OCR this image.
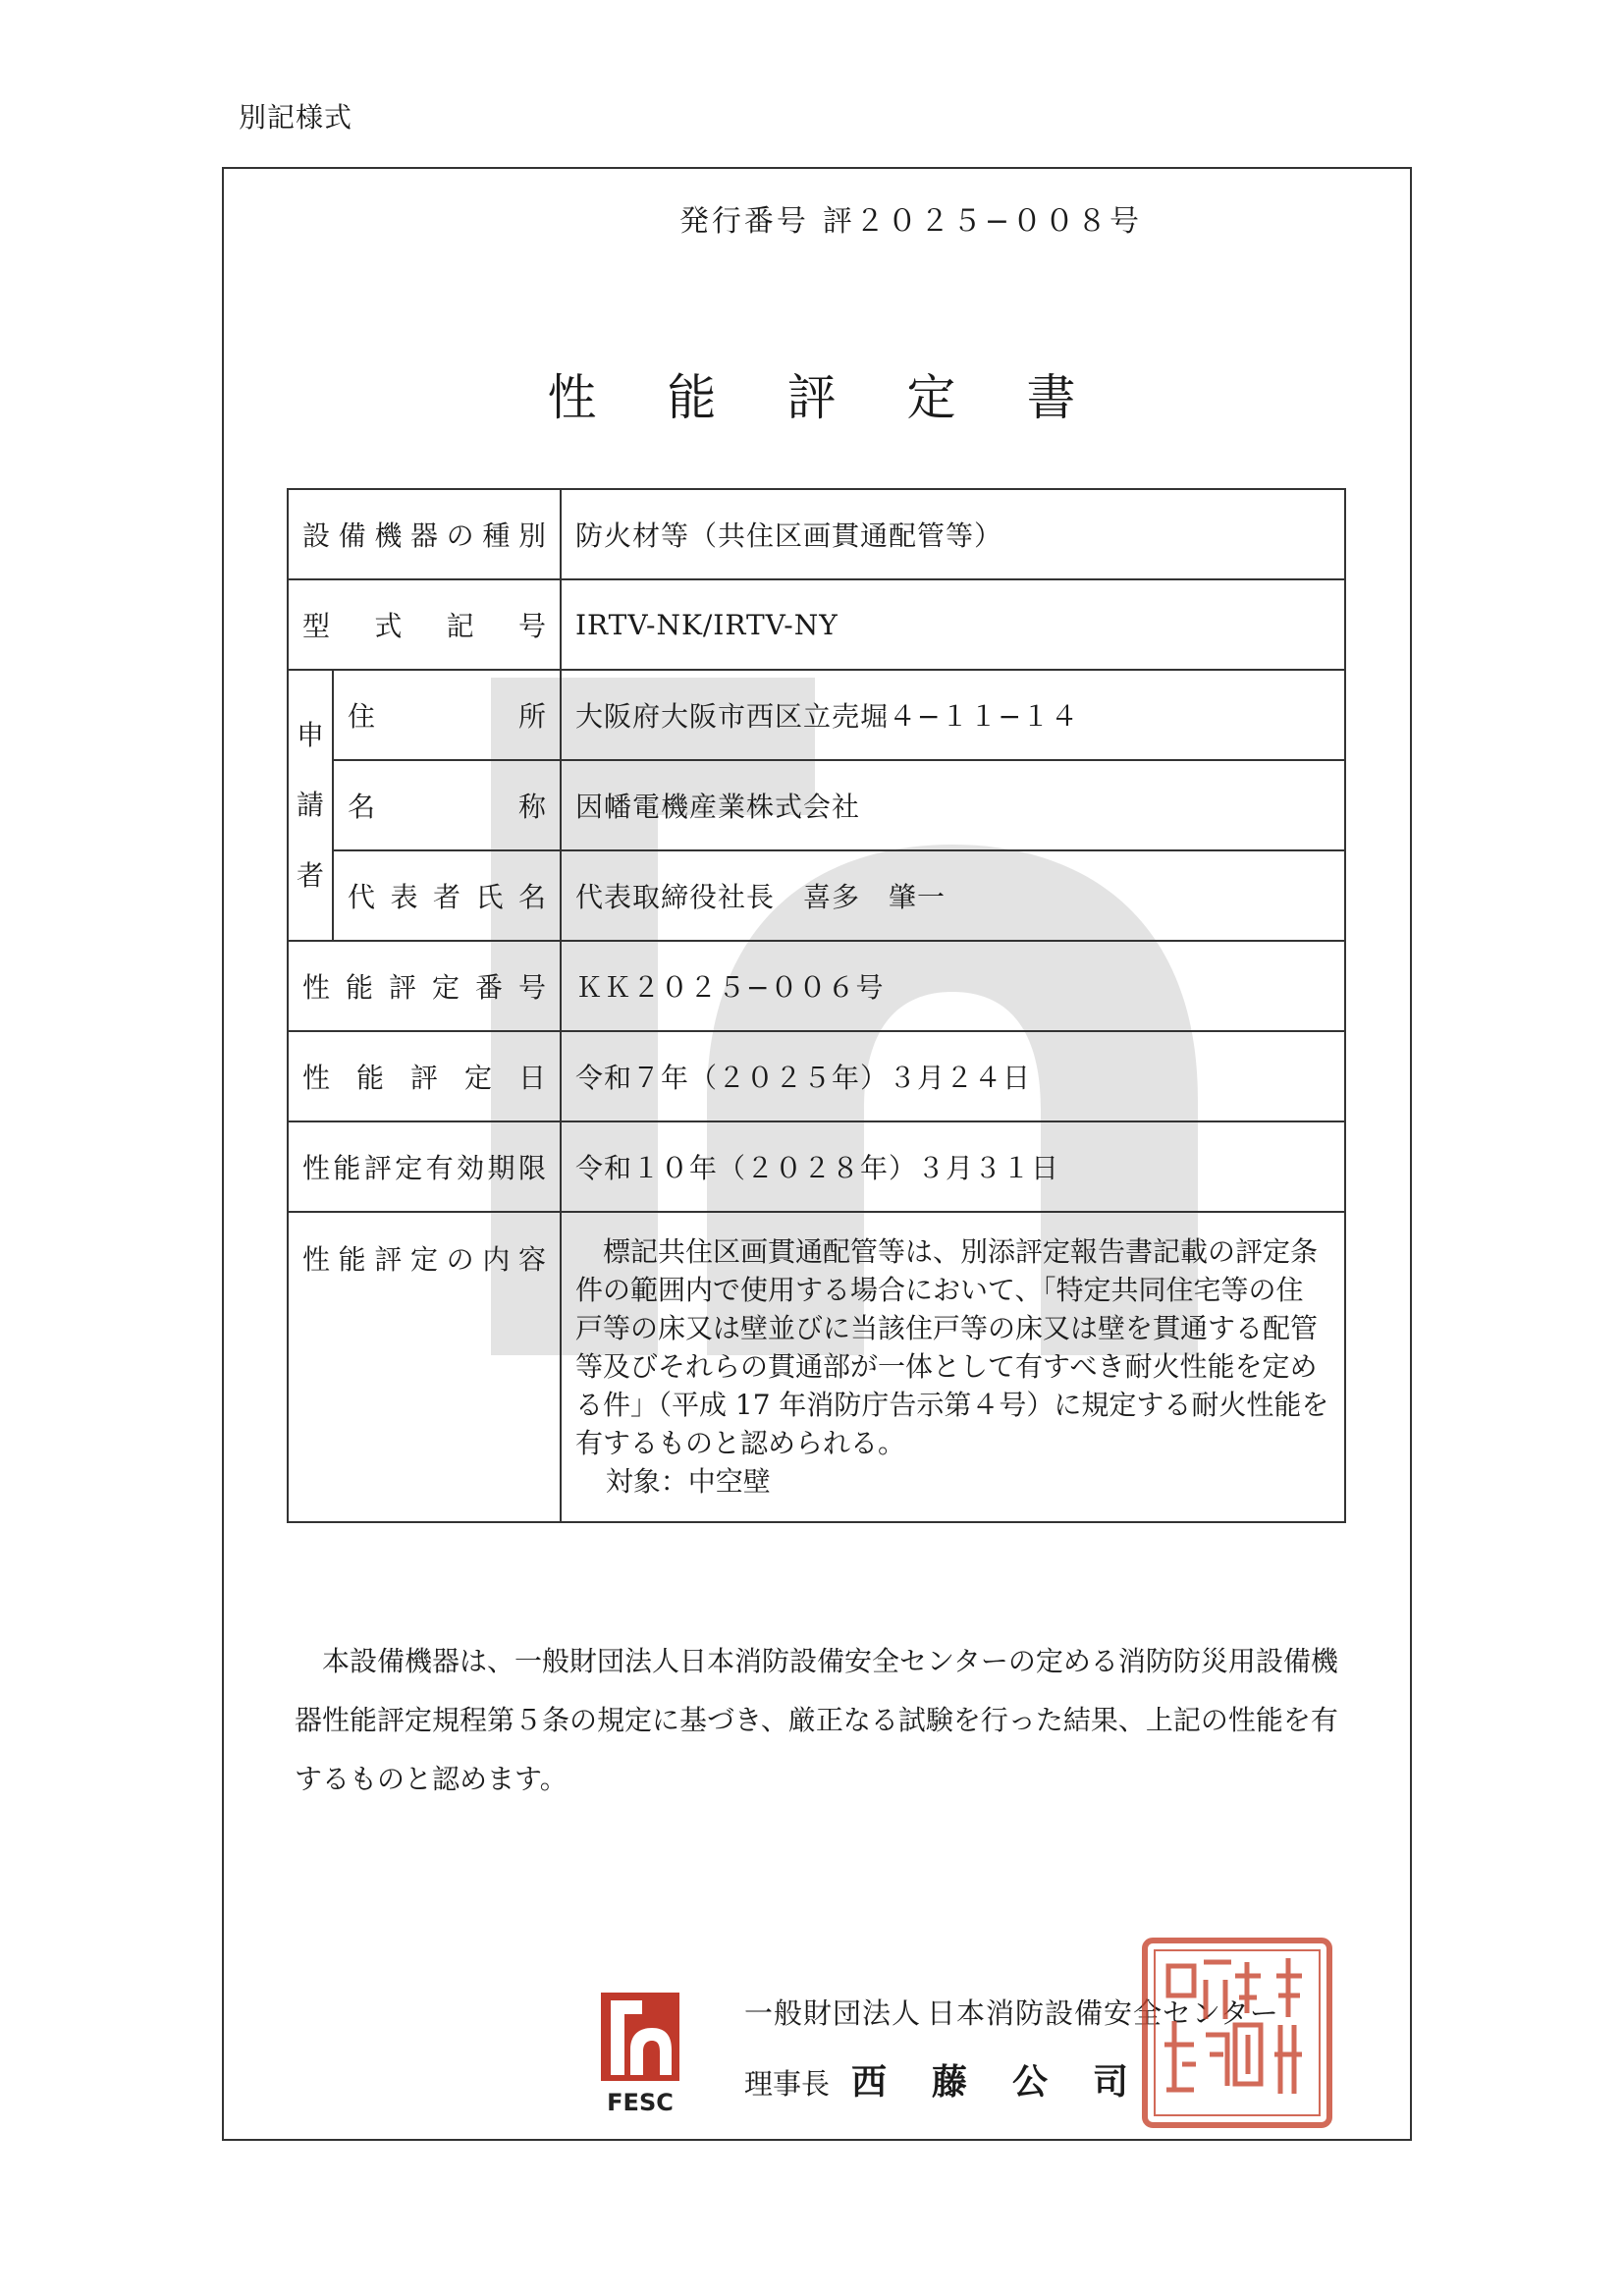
別記様式
発行番号 評２０２５−００８号
性 能 評 定 書
設備機器の種別		防火材等（共住区画貫通配管等）
型式記号		IRTV-NK/IRTV-NY
申
請
者	住所	大阪府大阪市西区立売堀４−１１−１４
	名称	因幡電機産業株式会社
	代表者氏名	代表取締役社長　喜多　肇一
性能評定番号		ＫＫ２０２５−００６号
性能評定日		令和７年（２０２５年）３月２４日
性能評定有効期限		令和１０年（２０２８年）３月３１日
性能評定の内容		標記共住区画貫通配管等は、別添評定報告書記載の評定条件の範囲内で使用する場合において、「特定共同住宅等の住戸等の床又は壁並びに当該住戸等の床又は壁を貫通する配管等及びそれらの貫通部が一体として有すべき耐火性能を定める件」（平成 17 年消防庁告示第４号）に規定する耐火性能を有するものと認められる。

対象：中空壁

本設備機器は、一般財団法人日本消防設備安全センターの定める消防防災用設備機器性能評定規程第５条の規定に基づき、厳正なる試験を行った結果、上記の性能を有するものと認めます。

FESC
一般財団法人 日本消防設備安全センター
理事長 西藤公司
